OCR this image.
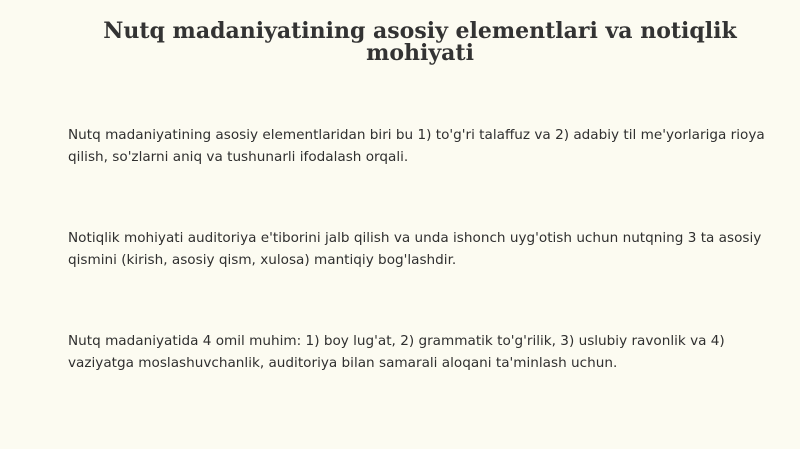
Nutq madaniyatining asosiy elementlari va notiqlik
mohiyati

Nutq madaniyatining asosiy elementlaridan biri bu 1) to'g'ri talaffuz va 2) adabiy til me'yorlariga rioya qilish, so'zlarni aniq va tushunarli ifodalash orqali.

Notiqlik mohiyati auditoriya e'tiborini jalb qilish va unda ishonch uyg'otish uchun nutqning 3 ta asosiy qismini (kirish, asosiy qism, xulosa) mantiqiy bog'lashdir.

Nutq madaniyatida 4 omil muhim: 1) boy lug'at, 2) grammatik to'g'rilik, 3) uslubiy ravonlik va 4) vaziyatga moslashuvchanlik, auditoriya bilan samarali aloqani ta'minlash uchun.
